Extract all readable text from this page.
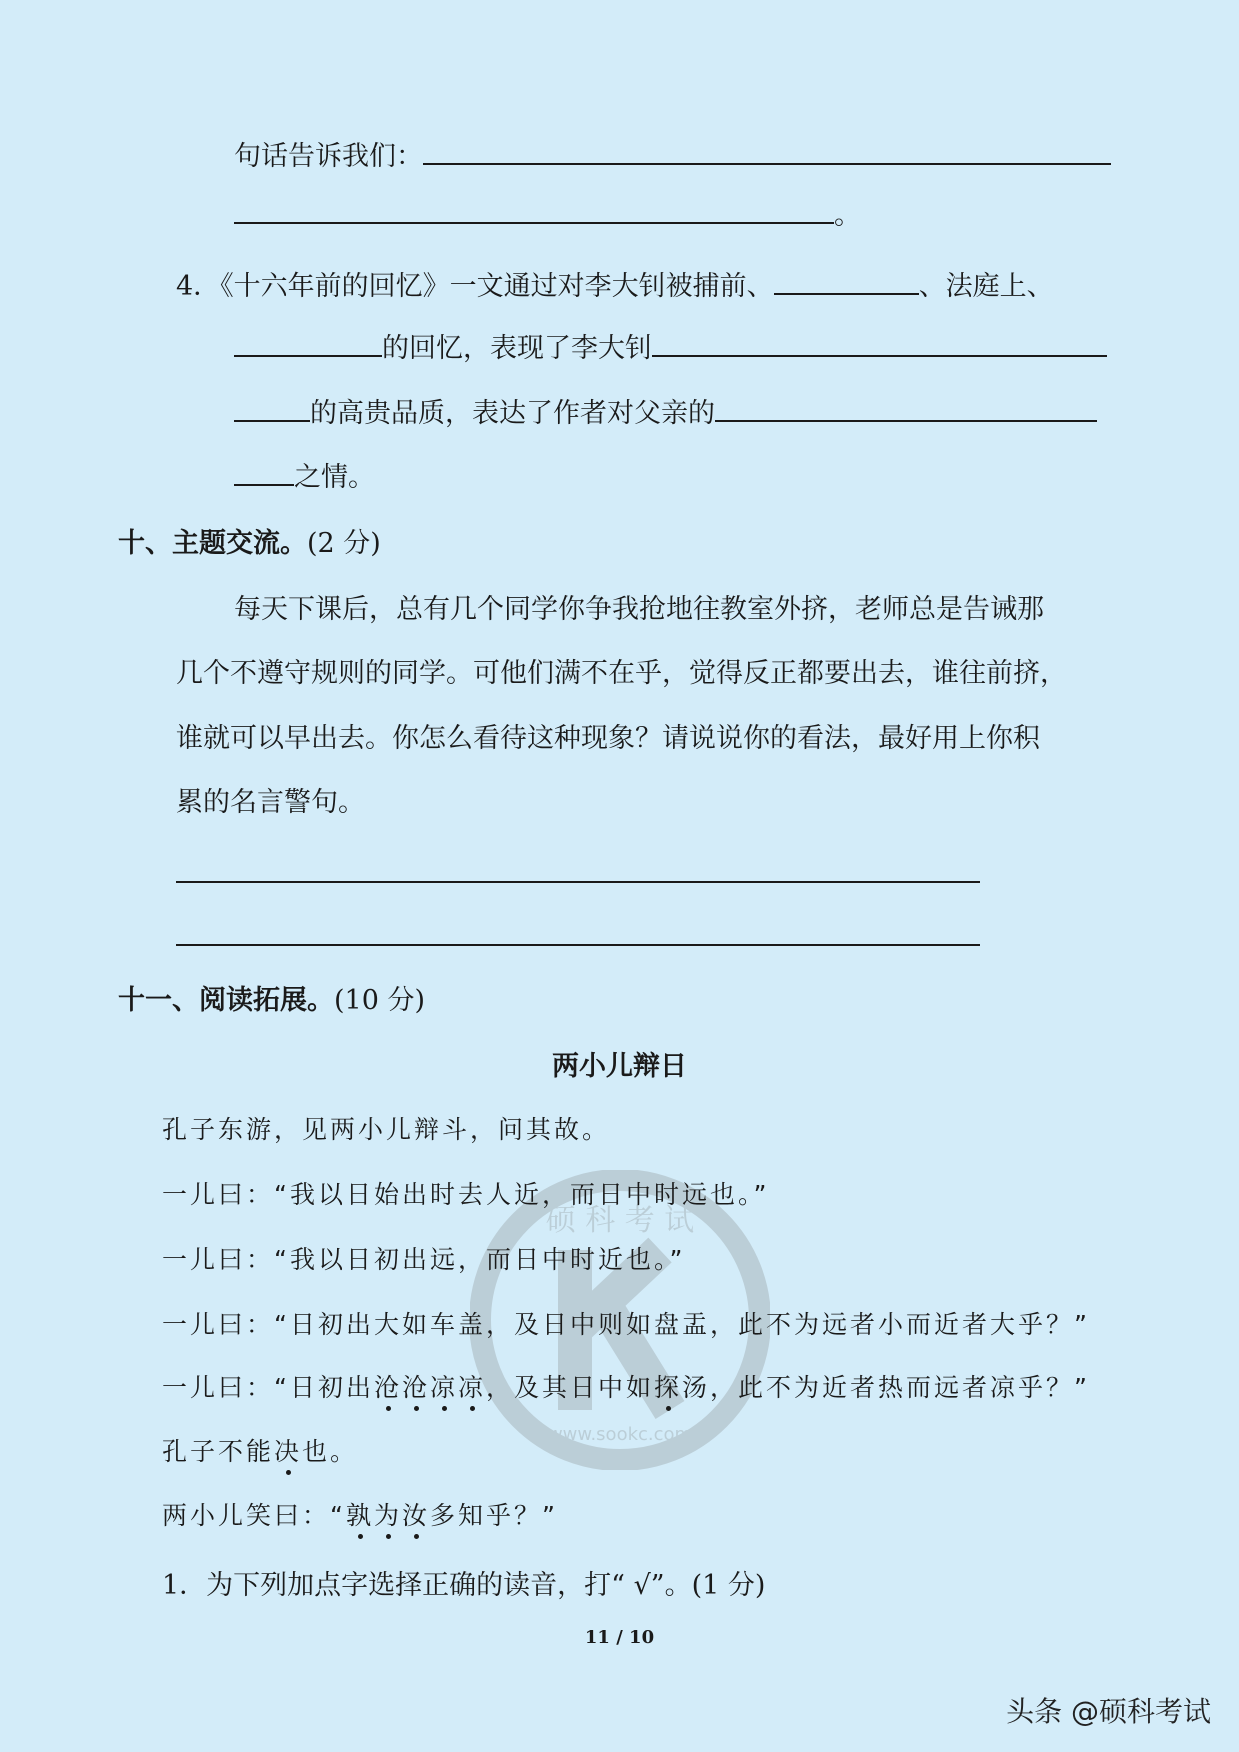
硕 科 考 试
www.sookc.com
句话告诉我们：
。
4．《十六年前的回忆》一文通过对李大钊被捕前、	、法庭上、
的回忆，表现了李大钊
的高贵品质，表达了作者对父亲的
之情。
十、主题交流。(2 分)
每天下课后，总有几个同学你争我抢地往教室外挤，老师总是告诫那
几个不遵守规则的同学。可他们满不在乎，觉得反正都要出去，谁往前挤，
谁就可以早出去。你怎么看待这种现象？请说说你的看法，最好用上你积
累的名言警句。
十一、阅读拓展。(10 分)
两小儿辩日
孔子东游，见两小儿辩斗，问其故。
一儿曰：“我以日始出时去人近，而日中时远也。”
一儿曰：“我以日初出远，而日中时近也。”
一儿曰：“日初出大如车盖，及日中则如盘盂，此不为远者小而近者大乎？”
一儿曰：“日初出沧沧凉凉，及其日中如探汤，此不为近者热而远者凉乎？”
孔子不能决也。
两小儿笑曰：“孰为汝多知乎？”
1．为下列加点字选择正确的读音，打“ √”。(1 分)
11 / 10
头条 @硕科考试
